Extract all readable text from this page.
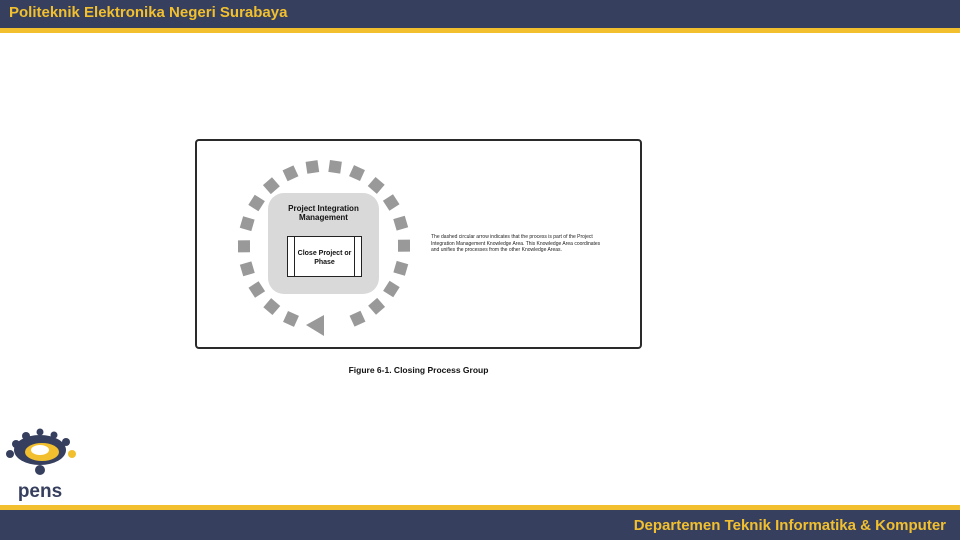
Politeknik Elektronika Negeri Surabaya
Project Integration Management
Close Project or Phase
The dashed circular arrow indicates that the process is part of the Project Integration Management Knowledge Area. This Knowledge Area coordinates and unifies the processes from the other Knowledge Areas.
Figure 6-1. Closing Process Group
pens
Departemen Teknik Informatika & Komputer
